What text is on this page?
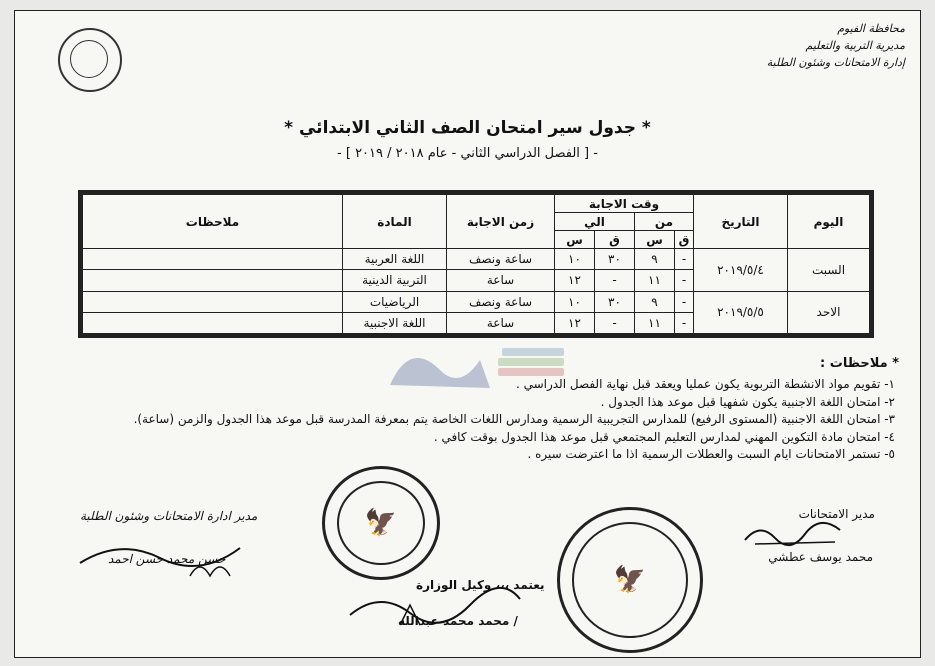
محافظة الفيوم
مديرية التربية والتعليم
إدارة الامتحانات وشئون الطلبة
* جدول سير امتحان الصف الثاني الابتدائي *
- [ الفصل الدراسي الثاني - عام ٢٠١٨ / ٢٠١٩ ] -
اليوم	التاريخ	وقت الاجابة				زمن الاجابة	المادة	ملاحظات
		من		الي				
		ق	س	ق	س			
السبت	٢٠١٩/٥/٤	-	٩	٣٠	١٠	ساعة ونصف	اللغة العربية	
		-	١١	-	١٢	ساعة	التربية الدينية	
الاحد	٢٠١٩/٥/٥	-	٩	٣٠	١٠	ساعة ونصف	الرياضيات	
		-	١١	-	١٢	ساعة	اللغة الاجنبية	
* ملاحظات :
١- تقويم مواد الانشطة التربوية يكون عمليا ويعقد قبل نهاية الفصل الدراسي .
٢- امتحان اللغة الاجنبية يكون شفهيا قبل موعد هذا الجدول .
٣- امتحان اللغة الاجنبية (المستوى الرفيع) للمدارس التجريبية الرسمية ومدارس اللغات الخاصة يتم بمعرفة المدرسة قبل موعد هذا الجدول والزمن (ساعة).
٤- امتحان مادة التكوين المهني لمدارس التعليم المجتمعي قبل موعد هذا الجدول بوقت كافي .
٥- تستمر الامتحانات ايام السبت والعطلات الرسمية اذا ما اعترضت سيره .
مدير الامتحانات
محمد يوسف عطشي
🦅
🦅
يعتمد ،،، وكيل الوزارة
/ محمد محمد عبدالله
مدير ادارة الامتحانات وشئون الطلبة
حسن محمد حسن احمد
